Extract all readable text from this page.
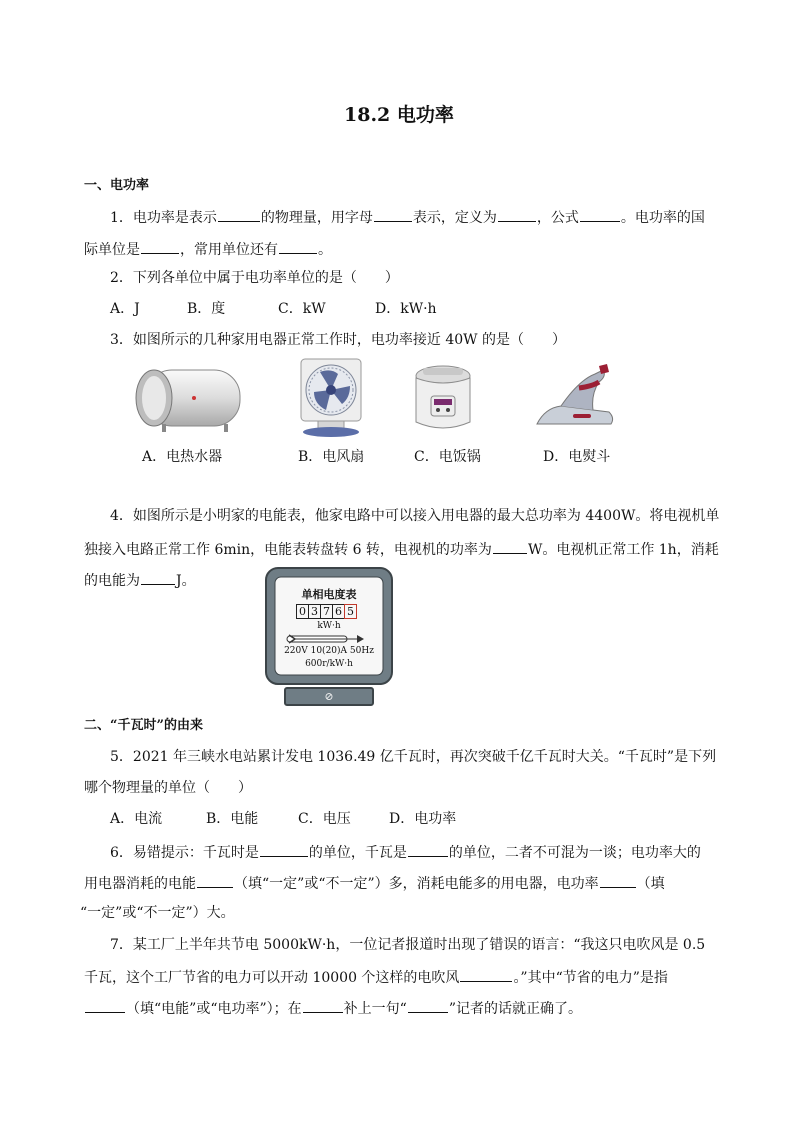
18.2 电功率
一、电功率
1．电功率是表示	的物理量，用字母	表示，定义为	，公式	。电功率的国
际单位是	，常用单位还有	。
2．下列各单位中属于电功率单位的是（　　）
A．J	B．度	C．kW	D．kW·h
3．如图所示的几种家用电器正常工作时，电功率接近 40W 的是（　　）
A．电热水器	B．电风扇	C．电饭锅	D．电熨斗
4．如图所示是小明家的电能表，他家电路中可以接入用电器的最大总功率为 4400W。将电视机单
独接入电路正常工作 6min，电能表转盘转 6 转，电视机的功率为	W。电视机正常工作 1h，消耗
的电能为	J。
单相电度表
0 3 7 6 5
kW·h
220V 10(20)A 50Hz
600r/kW·h
⊘
二、“千瓦时”的由来
5．2021 年三峡水电站累计发电 1036.49 亿千瓦时，再次突破千亿千瓦时大关。“千瓦时”是下列
哪个物理量的单位（　　）
A．电流	B．电能	C．电压	D．电功率
6．易错提示：千瓦时是	的单位，千瓦是	的单位，二者不可混为一谈；电功率大的
用电器消耗的电能	（填“一定”或“不一定”）多，消耗电能多的用电器，电功率	（填
“一定”或“不一定”）大。
7．某工厂上半年共节电 5000kW·h，一位记者报道时出现了错误的语言：“我这只电吹风是 0.5
千瓦，这个工厂节省的电力可以开动 10000 个这样的电吹风	。”其中“节省的电力”是指
（填“电能”或“电功率”）；在	补上一句“	”记者的话就正确了。
